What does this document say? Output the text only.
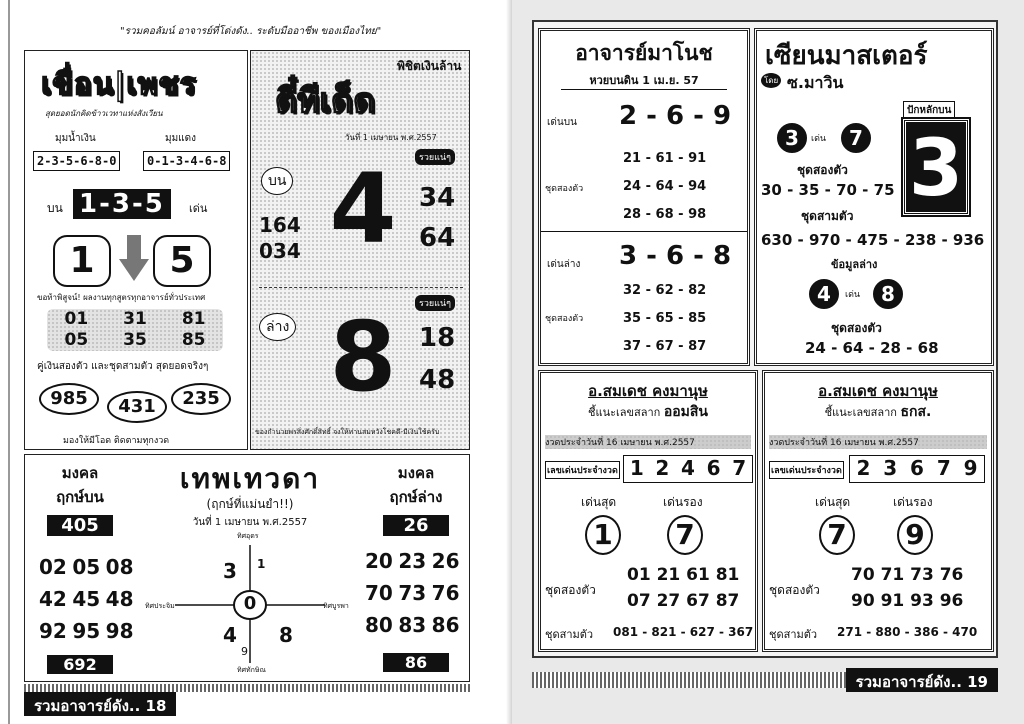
"รวมคอลัมน์ อาจารย์ที่โด่งดัง.. ระดับมืออาชีพ ของเมืองไทย"
เขื่อน|เพชร
สุดยอดนักคิดข้าวเวทาแห่งสังเวียน
มุมน้ำเงิน	มุมแดง
2-3-5-6-8-0	0-1-3-4-6-8
บน 1-3-5	เด่น
1	5
ขอท้าพิสูจน์! ผลงานทุกสูตรทุกอาจารย์ทั่วประเทศ
01	31	81
05	35	85
คู่เงินสองตัว และชุดสามตัว สุดยอดจริงๆ
985	431	235
มองให้มีโอด ติดตามทุกงวด
พิชิตเงินล้าน
ตี๋ทีเด็ด
วันที่ 1 เมษายน พ.ศ.2557
รวยแน่ๆ
บน 4
164
034
34
64
รวยแน่ๆ
ล่าง 8 18
48
ของกำนวยพรสิ่งศักดิ์สิทธิ์ จงให้ท่านสมหวังโชคดี-มีเงินใช้ครับ
มงคล
ฤกษ์บน
405
02 05 08
42 45 48
92 95 98
692
เทพเทวดา
(ฤกษ์ที่แม่นยำ!!)
วันที่ 1 เมษายน พ.ศ.2557
ทิศอุดร
ทิศทักษิณ
ทิศบูรพา
ทิศประจิม	0
3 1
4 8
9
มงคล
ฤกษ์ล่าง
26
20 23 26
70 73 76
80 83 86
86
รวมอาจารย์ดัง.. 18
อาจารย์มาโนช
หวยบนดิน 1 เม.ย. 57
เด่นบน 2 - 6 - 9
ชุดสองตัว
21 - 61 - 91
24 - 64 - 94
28 - 68 - 98
เด่นล่าง 3 - 6 - 8
ชุดสองตัว
32 - 62 - 82
35 - 65 - 85
37 - 67 - 87
เซียนมาสเตอร์
โดย ซ.มาวิน
3	เด่น	7
ปักหลักบน
3
ชุดสองตัว
30 - 35 - 70 - 75
ชุดสามตัว
630 - 970 - 475 - 238 - 936
ข้อมูลล่าง
4	เด่น	8
ชุดสองตัว
24 - 64 - 28 - 68
อ.สมเดช คงมานุษ
ชี้แนะเลขสลาก ออมสิน
งวดประจำวันที่ 16 เมษายน พ.ศ.2557
เลขเด่นประจำงวด 1 2 4 6 7
เด่นสุด	เด่นรอง
1 7
ชุดสองตัว
01 21 61 81
07 27 67 87
ชุดสามตัว 081 - 821 - 627 - 367
อ.สมเดช คงมานุษ
ชี้แนะเลขสลาก ธกส.
งวดประจำวันที่ 16 เมษายน พ.ศ.2557
เลขเด่นประจำงวด 2 3 6 7 9
เด่นสุด	เด่นรอง
7 9
ชุดสองตัว
70 71 73 76
90 91 93 96
ชุดสามตัว 271 - 880 - 386 - 470
รวมอาจารย์ดัง.. 19
